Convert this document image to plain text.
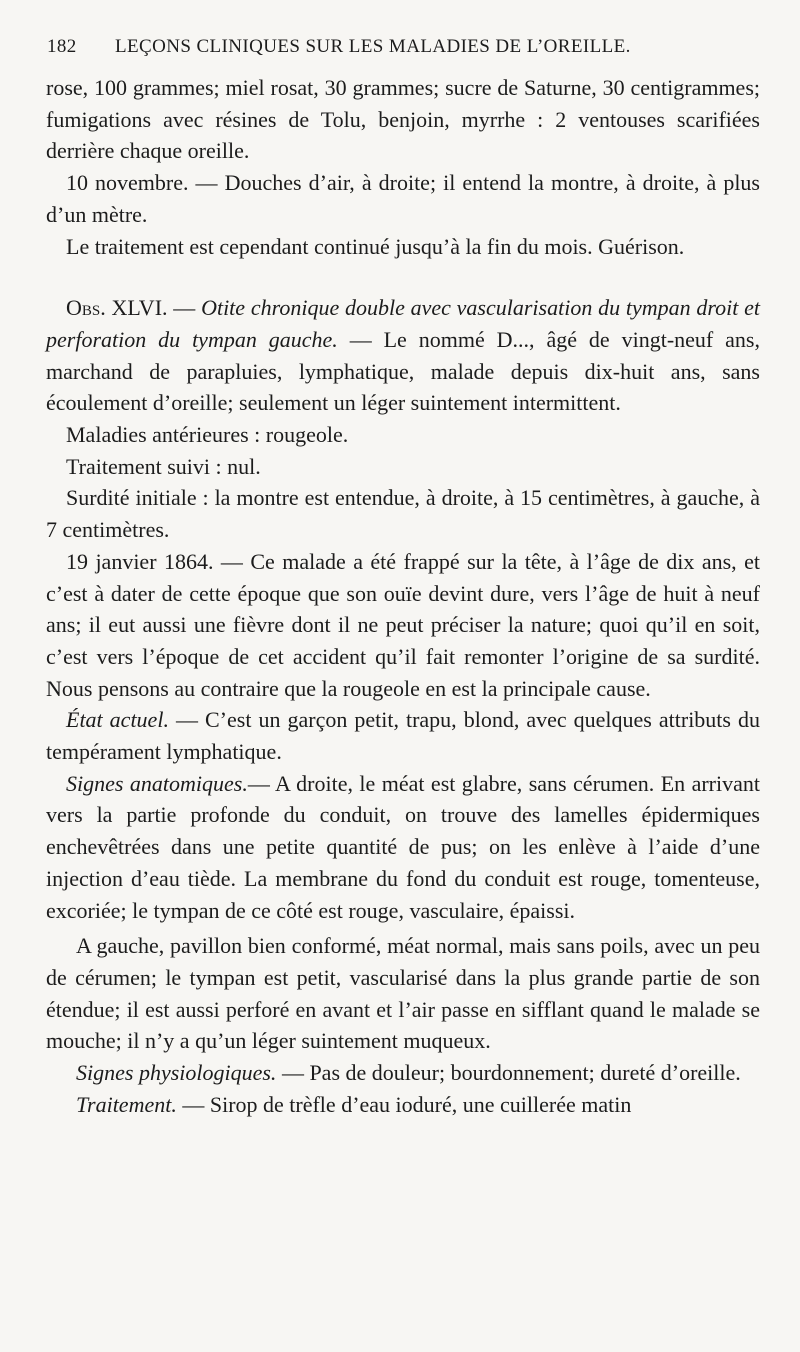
182 LEÇONS CLINIQUES SUR LES MALADIES DE L’OREILLE.

rose, 100 grammes; miel rosat, 30 grammes; sucre de Saturne, 30 centigrammes; fumigations avec résines de Tolu, benjoin, myrrhe : 2 ventouses scarifiées derrière chaque oreille.

10 novembre. — Douches d’air, à droite; il entend la montre, à droite, à plus d’un mètre.

Le traitement est cependant continué jusqu’à la fin du mois. Guérison.

Obs. XLVI. — Otite chronique double avec vascularisation du tympan droit et perforation du tympan gauche. — Le nommé D..., âgé de vingt-neuf ans, marchand de parapluies, lymphatique, malade depuis dix-huit ans, sans écoulement d’oreille; seulement un léger suintement intermittent.

Maladies antérieures : rougeole.

Traitement suivi : nul.

Surdité initiale : la montre est entendue, à droite, à 15 centimètres, à gauche, à 7 centimètres.

19 janvier 1864. — Ce malade a été frappé sur la tête, à l’âge de dix ans, et c’est à dater de cette époque que son ouïe devint dure, vers l’âge de huit à neuf ans; il eut aussi une fièvre dont il ne peut préciser la nature; quoi qu’il en soit, c’est vers l’époque de cet accident qu’il fait remonter l’origine de sa surdité. Nous pensons au contraire que la rougeole en est la principale cause.

État actuel. — C’est un garçon petit, trapu, blond, avec quelques attributs du tempérament lymphatique.

Signes anatomiques.— A droite, le méat est glabre, sans cérumen. En arrivant vers la partie profonde du conduit, on trouve des lamelles épidermiques enchevêtrées dans une petite quantité de pus; on les enlève à l’aide d’une injection d’eau tiède. La membrane du fond du conduit est rouge, tomenteuse, excoriée; le tympan de ce côté est rouge, vasculaire, épaissi.

A gauche, pavillon bien conformé, méat normal, mais sans poils, avec un peu de cérumen; le tympan est petit, vascularisé dans la plus grande partie de son étendue; il est aussi perforé en avant et l’air passe en sifflant quand le malade se mouche; il n’y a qu’un léger suintement muqueux.

Signes physiologiques. — Pas de douleur; bourdonnement; dureté d’oreille.

Traitement. — Sirop de trèfle d’eau ioduré, une cuillerée matin
